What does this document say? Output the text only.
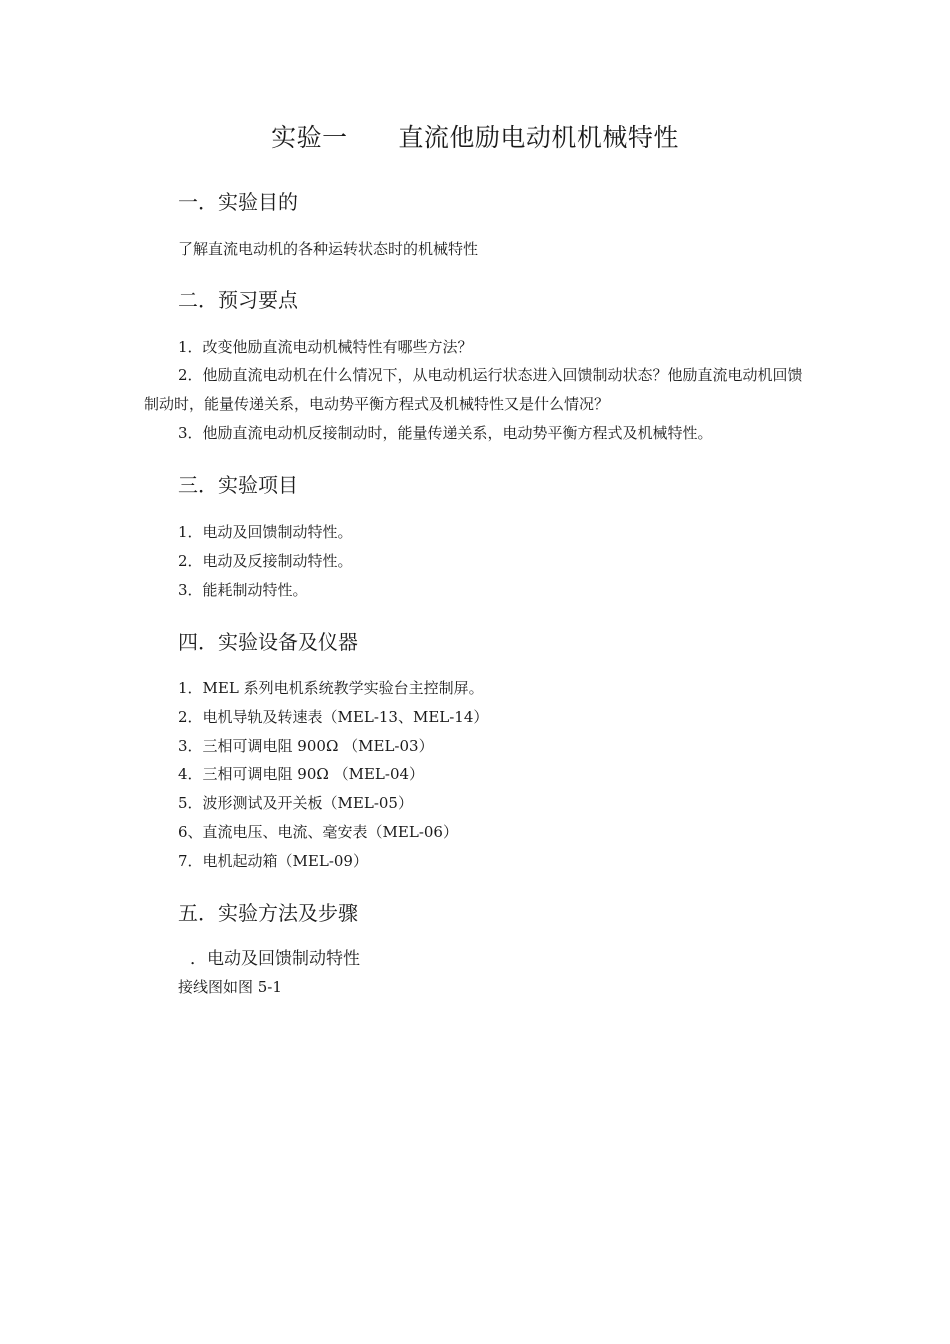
实验一      直流他励电动机机械特性
一．实验目的
了解直流电动机的各种运转状态时的机械特性
二．预习要点
1．改变他励直流电动机械特性有哪些方法？
2．他励直流电动机在什么情况下，从电动机运行状态进入回馈制动状态？他励直流电动机回馈制动时，能量传递关系，电动势平衡方程式及机械特性又是什么情况？
3．他励直流电动机反接制动时，能量传递关系，电动势平衡方程式及机械特性。
三．实验项目
1．电动及回馈制动特性。
2．电动及反接制动特性。
3．能耗制动特性。
四．实验设备及仪器
1．MEL 系列电机系统教学实验台主控制屏。
2．电机导轨及转速表（MEL-13、MEL-14）
3．三相可调电阻 900Ω （MEL-03）
4．三相可调电阻 90Ω （MEL-04）
5．波形测试及开关板（MEL-05）
6、直流电压、电流、毫安表（MEL-06）
7．电机起动箱（MEL-09）
五．实验方法及步骤
．电动及回馈制动特性
接线图如图 5-1
